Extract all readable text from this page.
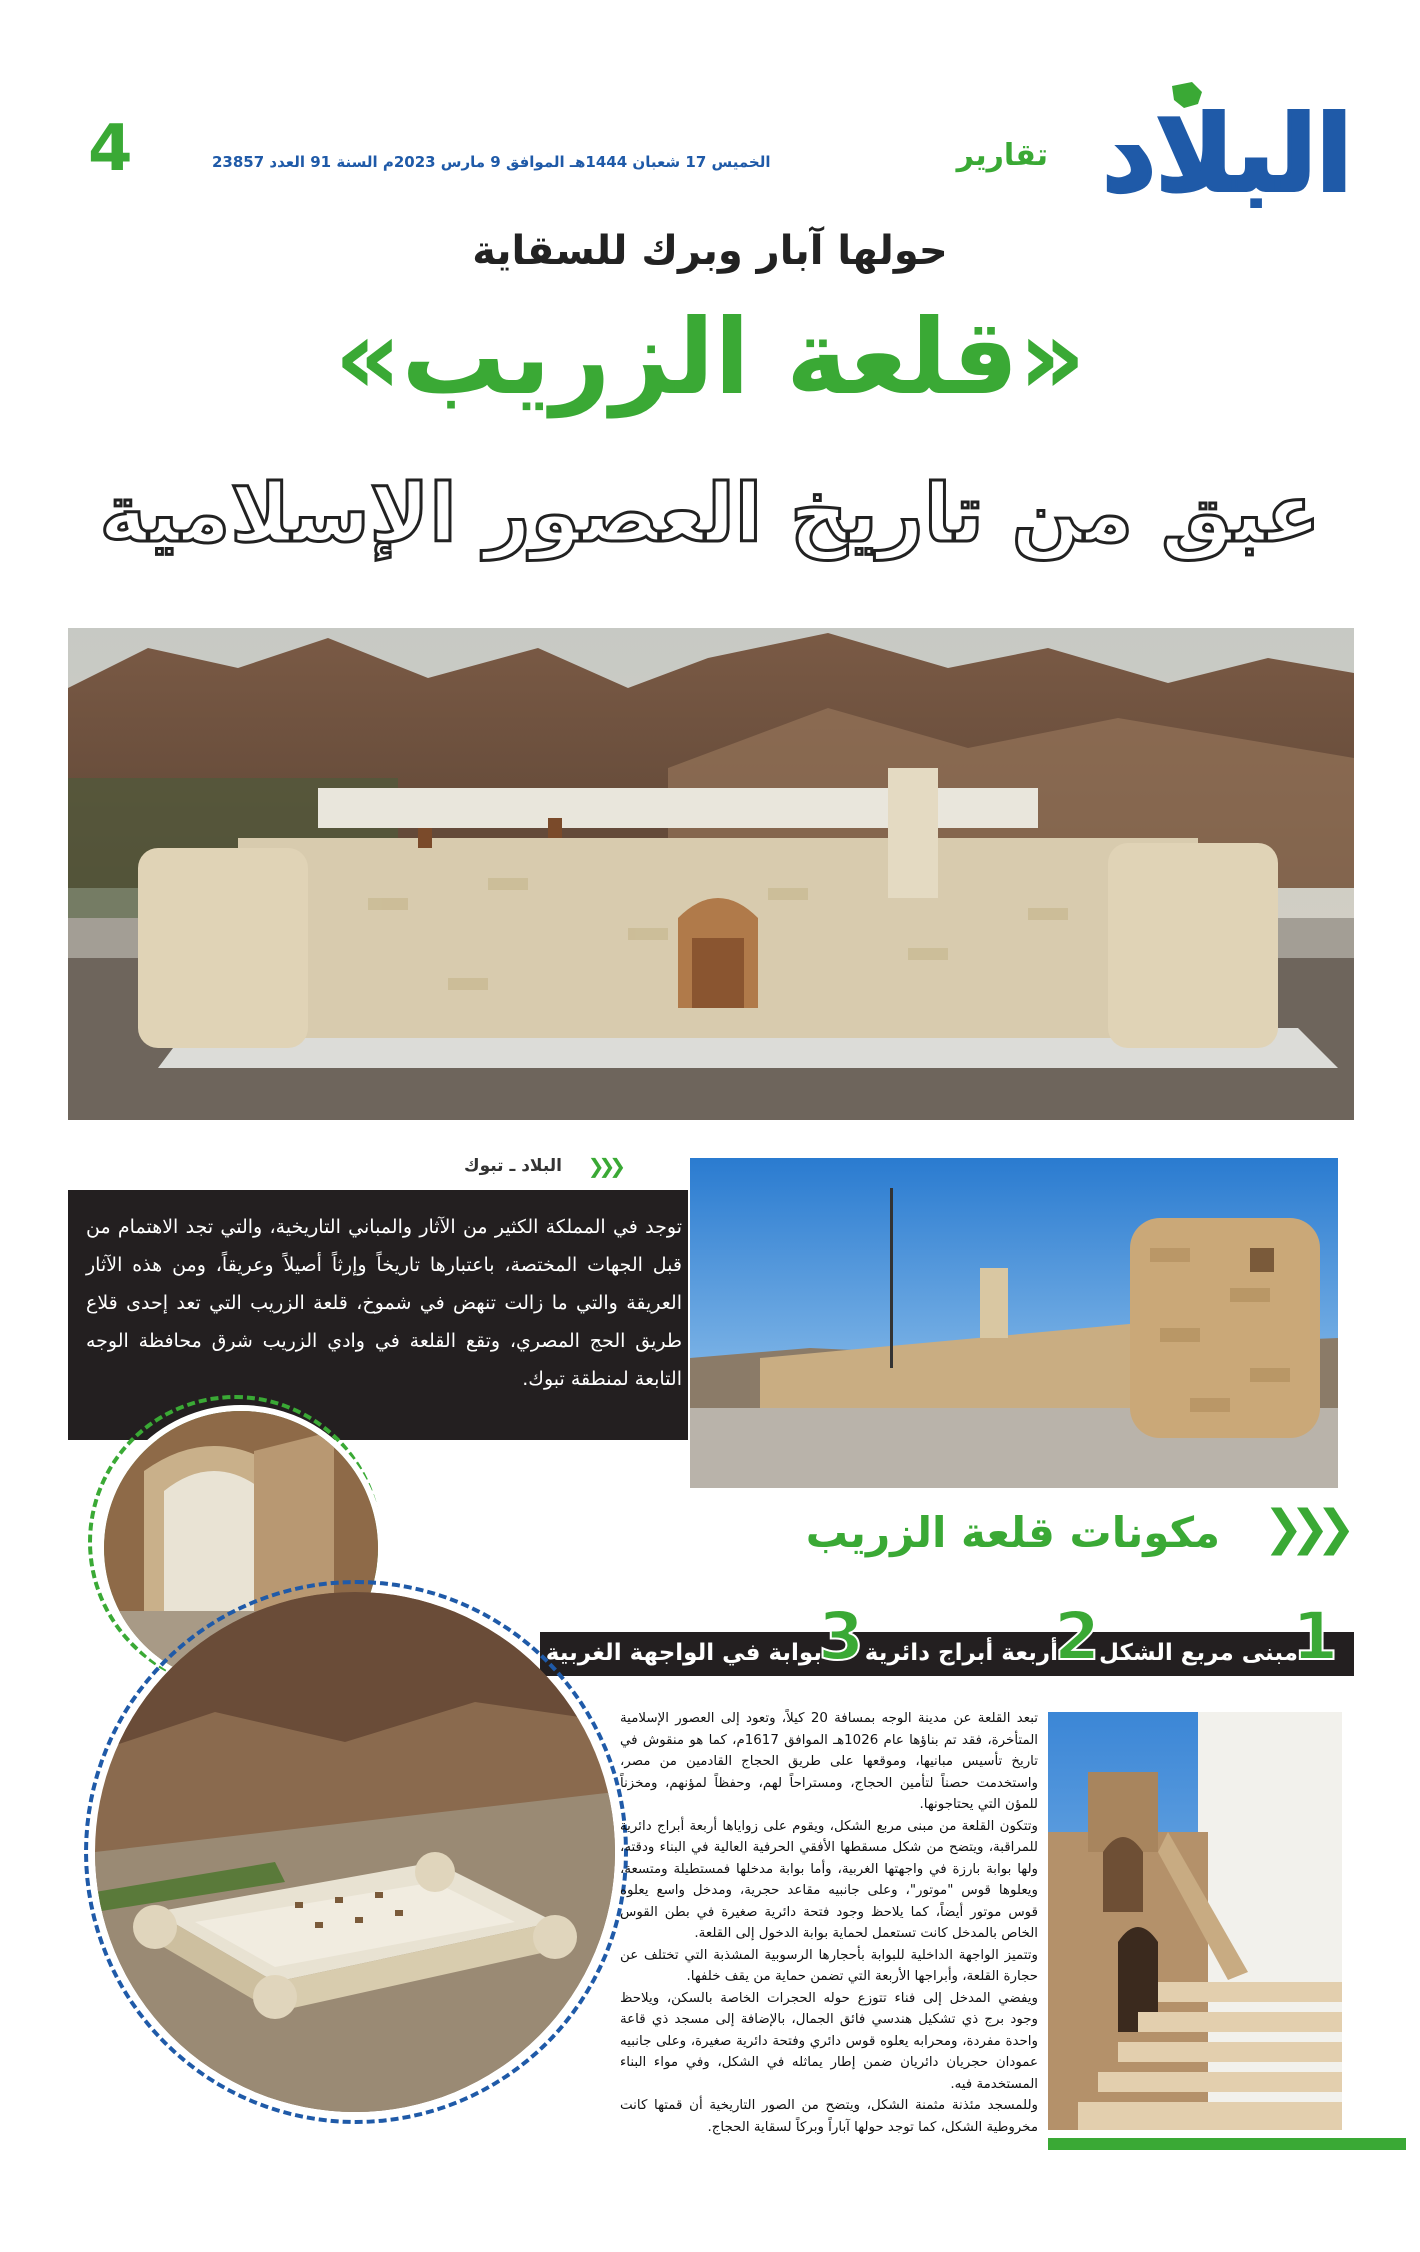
البلاد
تقارير
الخميس 17 شعبان 1444هـ الموافق 9 مارس 2023م السنة 91 العدد 23857
4
حولها آبار وبرك للسقاية
«قلعة الزريب»
عبق من تاريخ العصور الإسلامية
❯❯❯
البلاد ـ تبوك
توجد في المملكة الكثير من الآثار والمباني التاريخية، والتي تجد الاهتمام من قبل الجهات المختصة، باعتبارها تاريخاً وإرثاً أصيلاً وعريقاً، ومن هذه الآثار العريقة والتي ما زالت تنهض في شموخ، قلعة الزريب التي تعد إحدى قلاع طريق الحج المصري، وتقع القلعة في وادي الزريب شرق محافظة الوجه التابعة لمنطقة تبوك.
❯❯❯
مكونات قلعة الزريب
1
مبنى مربع الشكل
2
أربعة أبراج دائرية
3
بوابة في الواجهة الغربية

تبعد القلعة عن مدينة الوجه بمسافة 20 كيلاً، وتعود إلى العصور الإسلامية المتأخرة، فقد تم بناؤها عام 1026هـ الموافق 1617م، كما هو منقوش في تاريخ تأسيس مبانيها، وموقعها على طريق الحجاج القادمين من مصر، واستخدمت حصناً لتأمين الحجاج، ومستراحاً لهم، وحفظاً لمؤنهم، ومخزناً للمؤن التي يحتاجونها.

وتتكون القلعة من مبنى مربع الشكل، ويقوم على زواياها أربعة أبراج دائرية للمراقبة، ويتضح من شكل مسقطها الأفقي الحرفية العالية في البناء ودقته، ولها بوابة بارزة في واجهتها الغربية، وأما بوابة مدخلها فمستطيلة ومتسعة، ويعلوها قوس "موتور"، وعلى جانبيه مقاعد حجرية، ومدخل واسع يعلوه قوس موتور أيضاً، كما يلاحظ وجود فتحة دائرية صغيرة في بطن القوس الخاص بالمدخل كانت تستعمل لحماية بوابة الدخول إلى القلعة.

وتتميز الواجهة الداخلية للبوابة بأحجارها الرسوبية المشذبة التي تختلف عن حجارة القلعة، وأبراجها الأربعة التي تضمن حماية من يقف خلفها.

ويفضي المدخل إلى فناء تتوزع حوله الحجرات الخاصة بالسكن، ويلاحظ وجود برج ذي تشكيل هندسي فائق الجمال، بالإضافة إلى مسجد ذي قاعة واحدة مفردة، ومحرابه يعلوه قوس دائري وفتحة دائرية صغيرة، وعلى جانبيه عمودان حجريان دائريان ضمن إطار يماثله في الشكل، وفي مواء البناء المستخدمة فيه.

وللمسجد مئذنة مثمنة الشكل، ويتضح من الصور التاريخية أن قمتها كانت مخروطية الشكل، كما توجد حولها آباراً وبركاً لسقاية الحجاج.
